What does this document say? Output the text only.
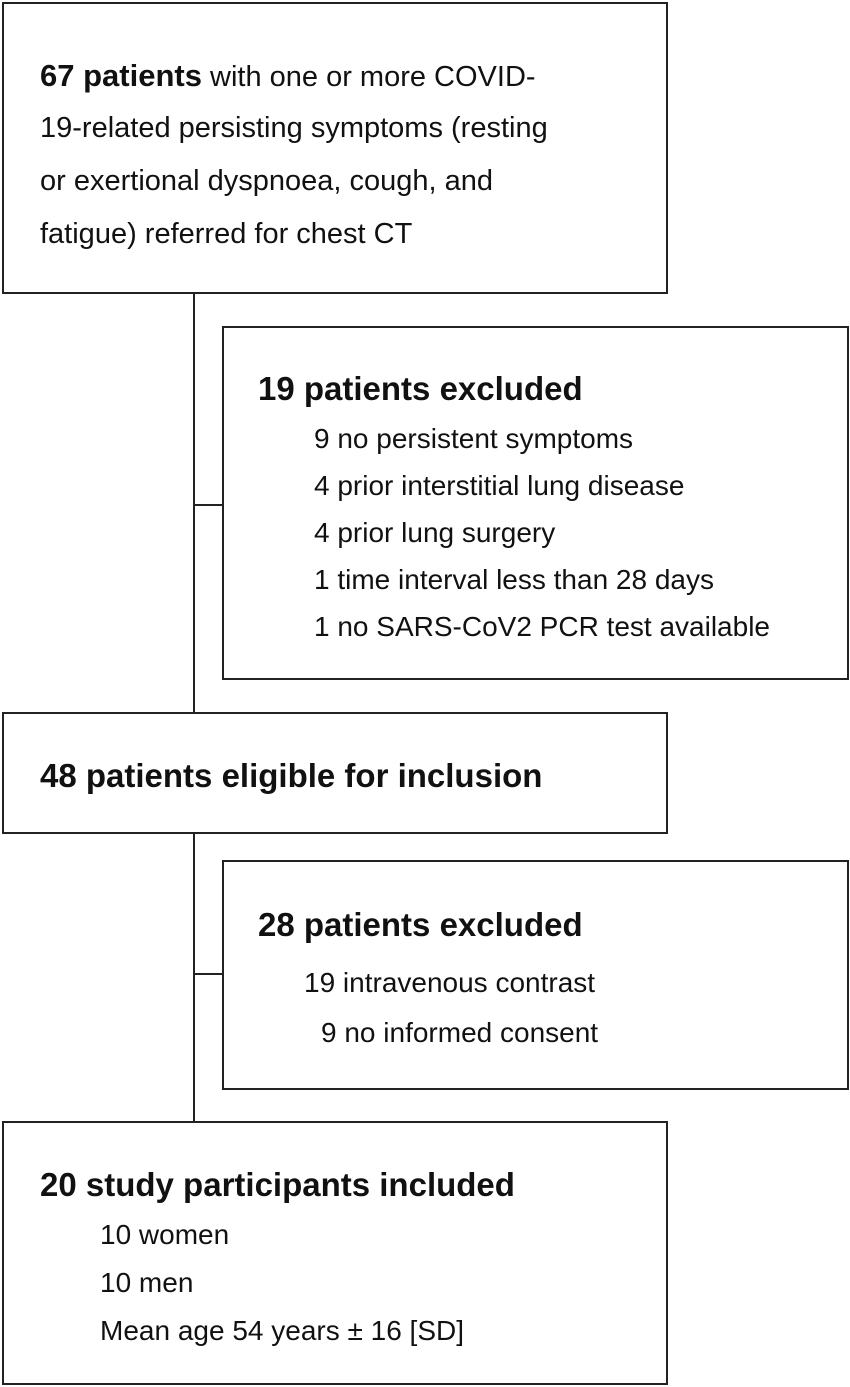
67 patients with one or more COVID-

19-related persisting symptoms (resting

or exertional dyspnoea, cough, and

fatigue) referred for chest CT

19 patients excluded

9 no persistent symptoms

4 prior interstitial lung disease

4 prior lung surgery

1 time interval less than 28 days

1 no SARS-CoV2 PCR test available

48 patients eligible for inclusion

28 patients excluded

19 intravenous contrast

9 no informed consent

20 study participants included

10 women

10 men

Mean age 54 years ± 16 [SD]
